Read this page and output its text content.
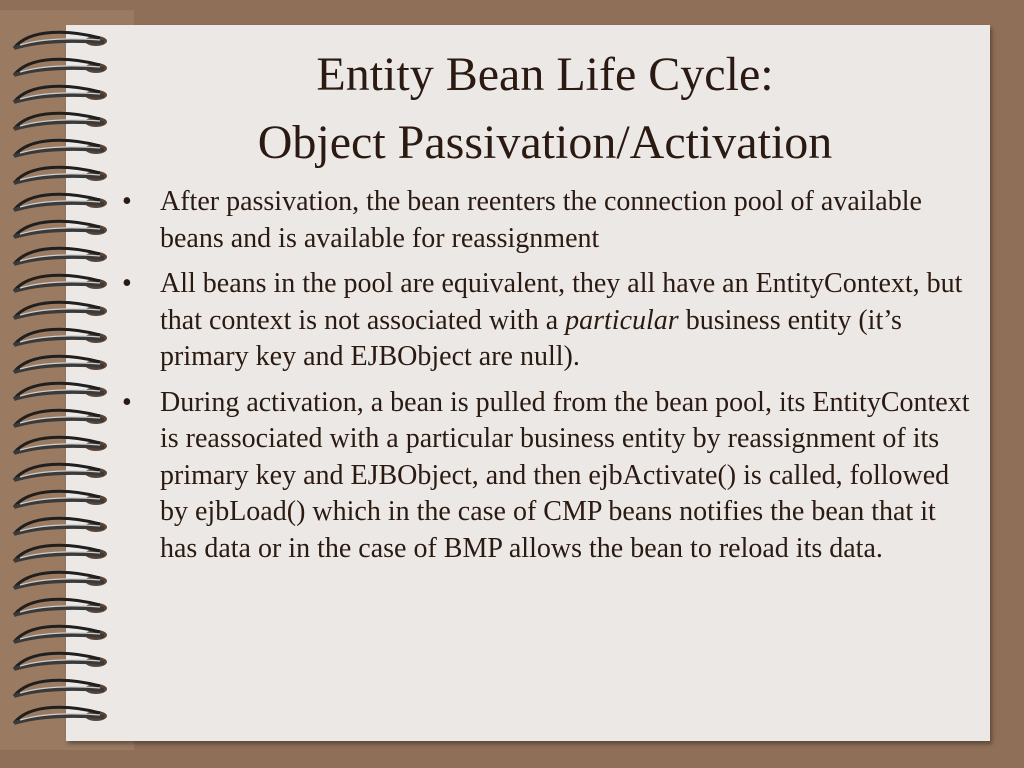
Entity Bean Life Cycle:
Object Passivation/Activation
• After passivation, the bean reenters the connection pool of available beans and is available for reassignment
• All beans in the pool are equivalent, they all have an EntityContext, but that context is not associated with a particular business entity (it’s primary key and EJBObject are null).
• During activation, a bean is pulled from the bean pool, its EntityContext is reassociated with a particular business entity by reassignment of its primary key and EJBObject, and then ejbActivate() is called, followed by ejbLoad() which in the case of CMP beans notifies the bean that it has data or in the case of BMP allows the bean to reload its data.
